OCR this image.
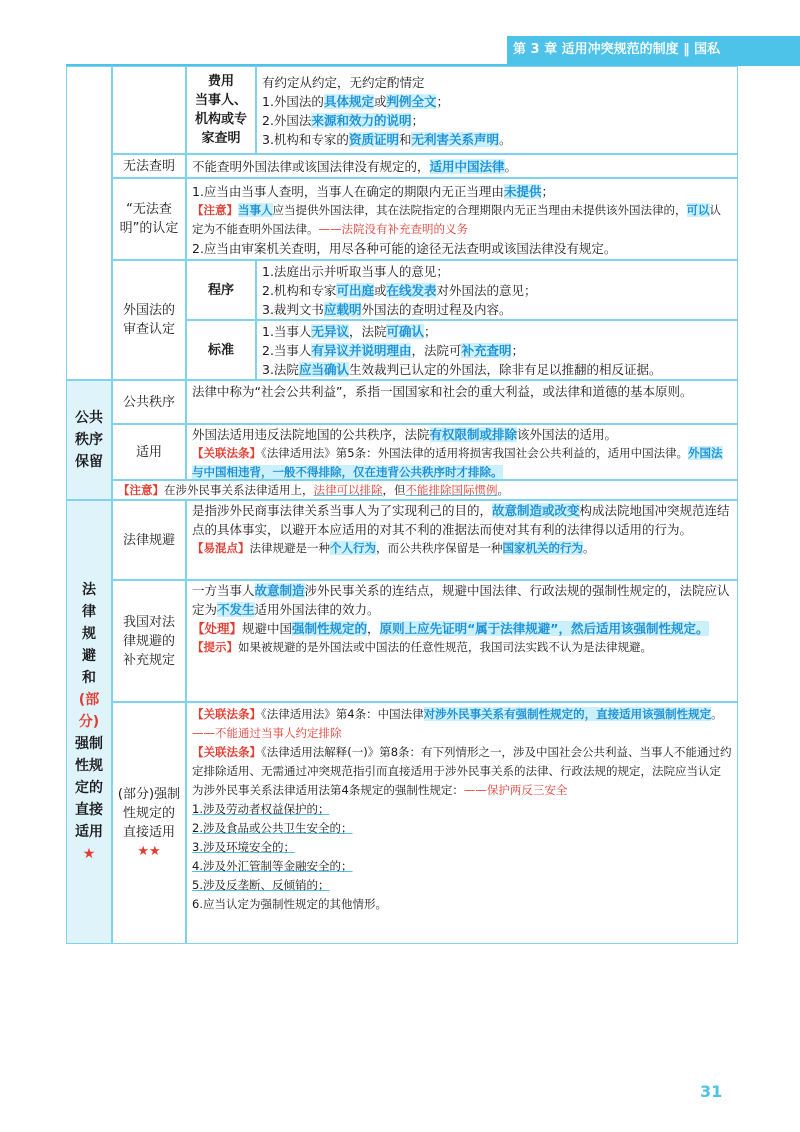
第 3 章 适用冲突规范的制度 ‖ 国私
费用
当事人、
机构或专
家查明

有约定从约定，无约定酌情定

1.外国法的具体规定或判例全文；

2.外国法来源和效力的说明；

3.机构和专家的资质证明和无利害关系声明。

无法查明	不能查明外国法律或该国法律没有规定的，适用中国法律。
“无法查明”的认定

1.应当由当事人查明，当事人在确定的期限内无正当理由未提供；

【注意】当事人应当提供外国法律，其在法院指定的合理期限内无正当理由未提供该外国法律的，可以认定为不能查明外国法律。——法院没有补充查明的义务

2.应当由审案机关查明，用尽各种可能的途径无法查明或该国法律没有规定。

外国法的审查认定
程序

1.法庭出示并听取当事人的意见；

2.机构和专家可出庭或在线发表对外国法的意见；

3.裁判文书应载明外国法的查明过程及内容。

标准

1.当事人无异议，法院可确认；

2.当事人有异议并说明理由，法院可补充查明；

3.法院应当确认生效裁判已认定的外国法，除非有足以推翻的相反证据。

公共秩序保留
公共秩序
法律中称为“社会公共利益”，系指一国国家和社会的重大利益，或法律和道德的基本原则。
适用

外国法适用违反法院地国的公共秩序，法院有权限制或排除该外国法的适用。

【关联法条】《法律适用法》第5条：外国法律的适用将损害我国社会公共利益的，适用中国法律。外国法与中国相违背，一般不得排除，仅在违背公共秩序时才排除。

【注意】在涉外民事关系法律适用上，法律可以排除，但不能排除国际惯例。
法律规避和
(部分)
强制性规定的直接适用
★
法律规避

是指涉外民商事法律关系当事人为了实现利己的目的，故意制造或改变构成法院地国冲突规范连结点的具体事实，以避开本应适用的对其不利的准据法而使对其有利的法律得以适用的行为。

【易混点】法律规避是一种个人行为，而公共秩序保留是一种国家机关的行为。

我国对法律规避的补充规定

一方当事人故意制造涉外民事关系的连结点，规避中国法律、行政法规的强制性规定的，法院应认定为不发生适用外国法律的效力。

【处理】规避中国强制性规定的，原则上应先证明“属于法律规避”，然后适用该强制性规定。

【提示】如果被规避的是外国法或中国法的任意性规范，我国司法实践不认为是法律规避。

(部分)强制性规定的直接适用
★★

【关联法条】《法律适用法》第4条：中国法律对涉外民事关系有强制性规定的，直接适用该强制性规定。——不能通过当事人约定排除

【关联法条】《法律适用法解释(一)》第8条：有下列情形之一，涉及中国社会公共利益、当事人不能通过约定排除适用、无需通过冲突规范指引而直接适用于涉外民事关系的法律、行政法规的规定，法院应当认定为涉外民事关系法律适用法第4条规定的强制性规定：——保护两反三安全

1.涉及劳动者权益保护的；

2.涉及食品或公共卫生安全的；

3.涉及环境安全的；

4.涉及外汇管制等金融安全的；

5.涉及反垄断、反倾销的；

6.应当认定为强制性规定的其他情形。

31
